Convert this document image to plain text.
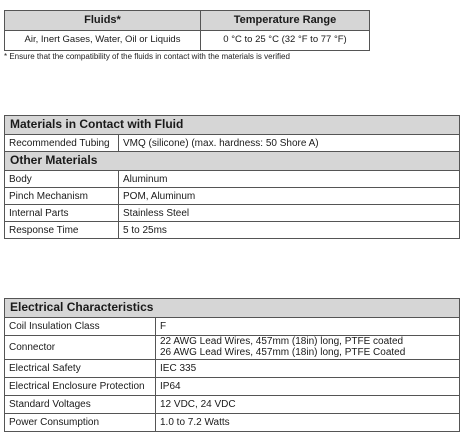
Fluids*	Temperature Range
Air, Inert Gases, Water, Oil or Liquids	0 °C to 25 °C (32 °F to 77 °F)
* Ensure that the compatibility of the fluids in contact with the materials is verified
Materials in Contact with Fluid	
Recommended Tubing	VMQ (silicone) (max. hardness: 50 Shore A)
Other Materials	
Body	Aluminum
Pinch Mechanism	POM, Aluminum
Internal Parts	Stainless Steel
Response Time	5 to 25ms
Electrical Characteristics	
Coil Insulation Class	F
Connector	22 AWG Lead Wires, 457mm (18in) long, PTFE coated
26 AWG Lead Wires, 457mm (18in) long, PTFE Coated

Electrical Safety	IEC 335
Electrical Enclosure Protection	IP64
Standard Voltages	12 VDC, 24 VDC
Power Consumption	1.0 to 7.2 Watts
